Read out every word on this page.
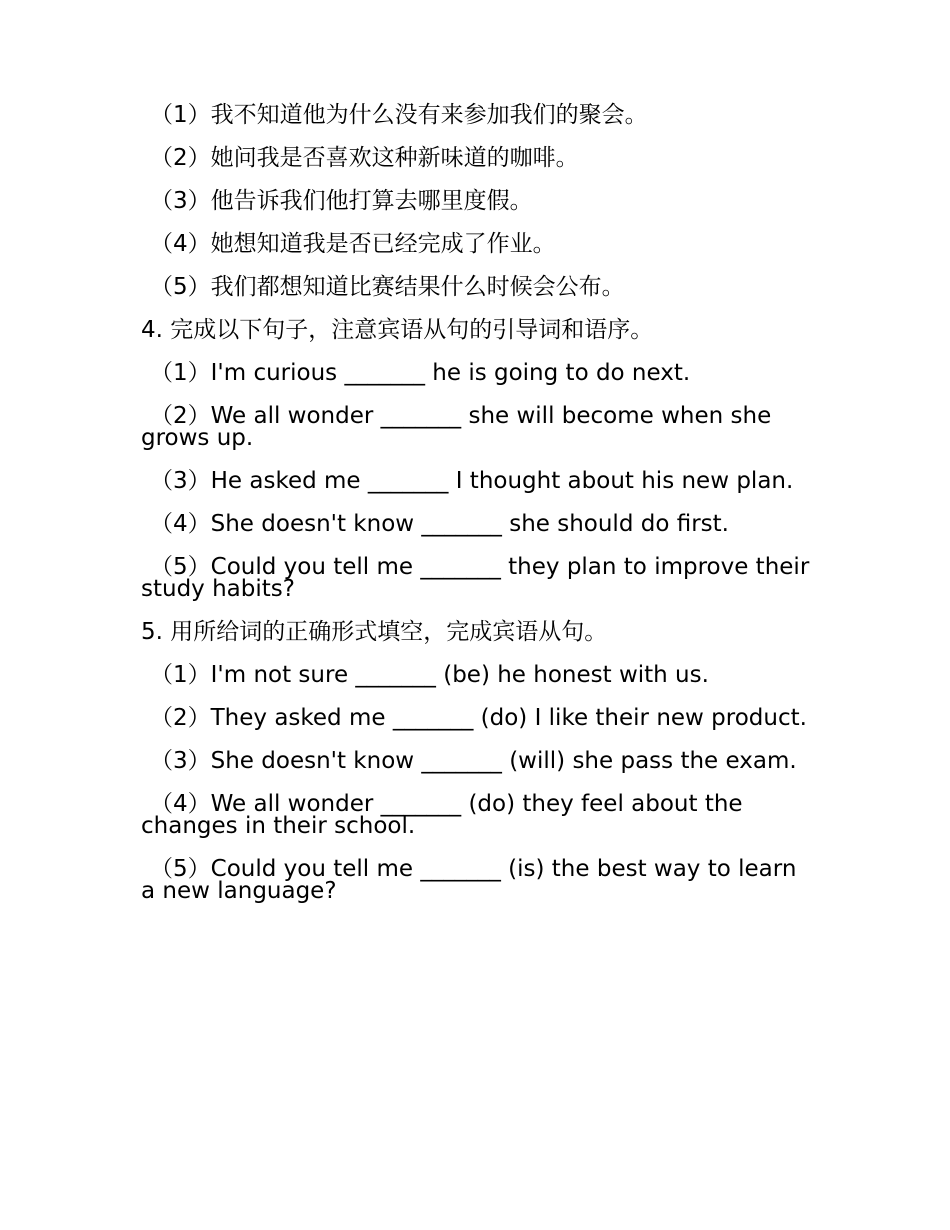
（1）我不知道他为什么没有来参加我们的聚会。

（2）她问我是否喜欢这种新味道的咖啡。

（3）他告诉我们他打算去哪里度假。

（4）她想知道我是否已经完成了作业。

（5）我们都想知道比赛结果什么时候会公布。

4. 完成以下句子，注意宾语从句的引导词和语序。

（1）I'm curious _______ he is going to do next.

（2）We all wonder _______ she will become when she grows up.

（3）He asked me _______ I thought about his new plan.

（4）She doesn't know _______ she should do first.

（5）Could you tell me _______ they plan to improve their study habits?

5. 用所给词的正确形式填空，完成宾语从句。

（1）I'm not sure _______ (be) he honest with us.

（2）They asked me _______ (do) I like their new product.

（3）She doesn't know _______ (will) she pass the exam.

（4）We all wonder _______ (do) they feel about the changes in their school.

（5）Could you tell me _______ (is) the best way to learn a new language?
